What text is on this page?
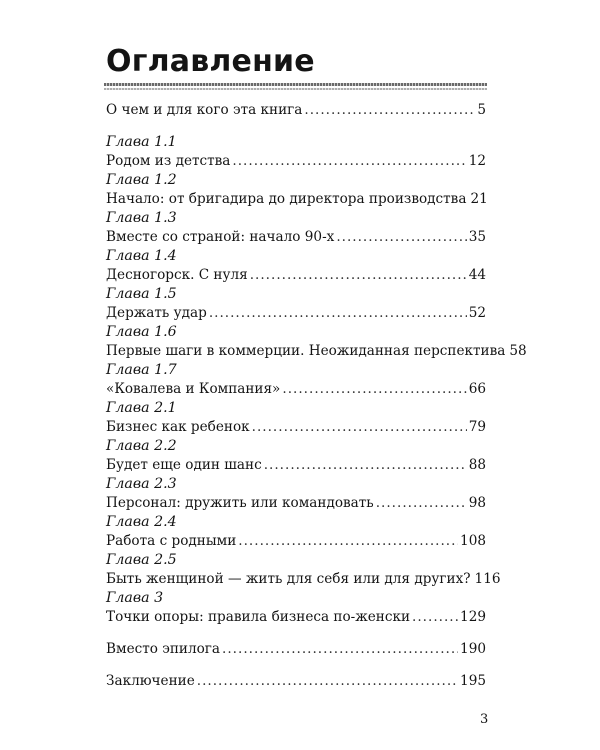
Оглавление
О чем и для кого эта книга .....	5
Глава 1.1
Родом из детства .....	12
Глава 1.2
Начало: от бригадира до директора производства 21
Глава 1.3
Вместе со страной: начало 90-х .....	35
Глава 1.4
Десногорск. С нуля .....	44
Глава 1.5
Держать удар .....	52
Глава 1.6
Первые шаги в коммерции. Неожиданная перспектива 58
Глава 1.7
«Ковалева и Компания» .....	66
Глава 2.1
Бизнес как ребенок .....	79
Глава 2.2
Будет еще один шанс .....	88
Глава 2.3
Персонал: дружить или командовать .....	98
Глава 2.4
Работа с родными .....	108
Глава 2.5
Быть женщиной — жить для себя или для других? 116
Глава 3
Точки опоры: правила бизнеса по-женски .....	129
Вместо эпилога .....	190
Заключение .....	195
3
